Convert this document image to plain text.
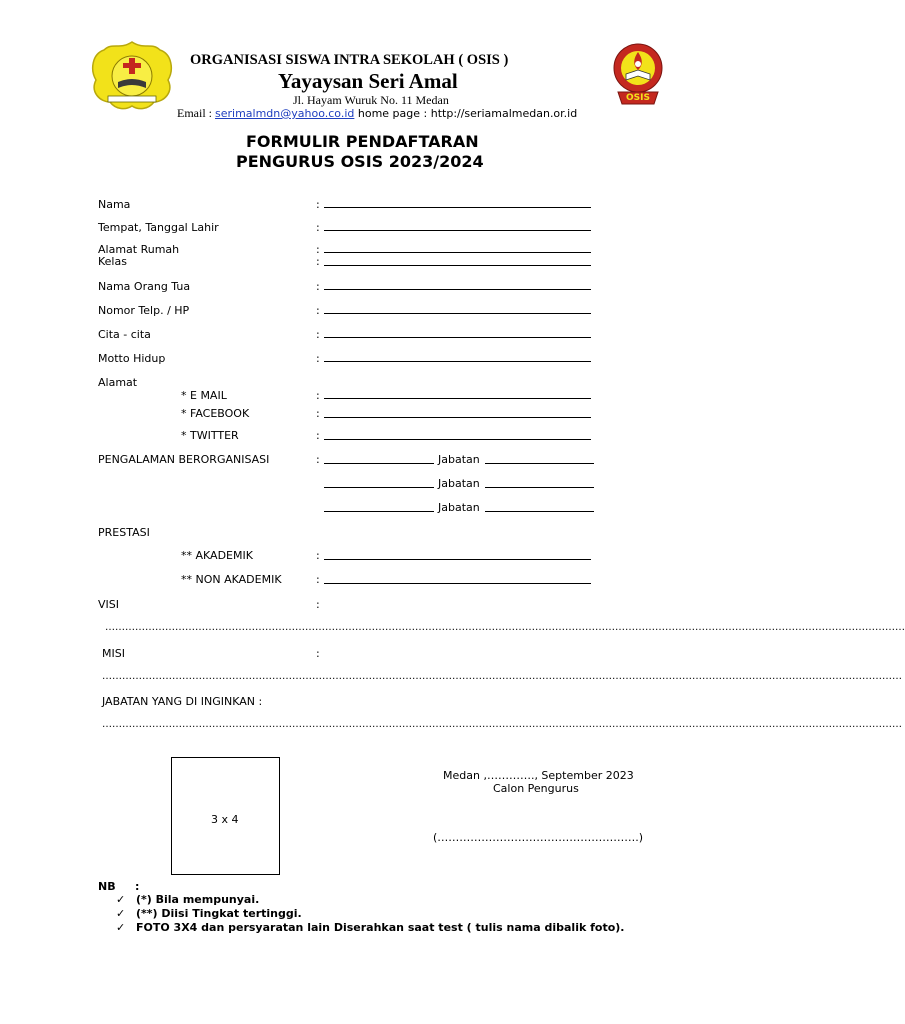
OSIS
ORGANISASI SISWA INTRA SEKOLAH ( OSIS )
Yayaysan Seri Amal
Jl. Hayam Wuruk No. 11 Medan
Email : serimalmdn@yahoo.co.id home page : http://seriamalmedan.or.id
FORMULIR PENDAFTARAN
PENGURUS OSIS 2023/2024
Nama	:
Tempat, Tanggal Lahir	:
Alamat Rumah	:
Kelas	:
Nama Orang Tua	:
Nomor Telp. / HP	:
Cita - cita	:
Motto Hidup	:
Alamat
* E MAIL	:
* FACEBOOK	:
* TWITTER	:
PENGALAMAN BERORGANISASI	:	Jabatan
Jabatan
Jabatan
PRESTASI
** AKADEMIK	:
** NON AKADEMIK	:
VISI	:
……………………………………………………………………………………………………………………………………………………………………………………………………………………
MISI	:
……………………………………………………………………………………………………………………………………………………………………………………………………………………
JABATAN YANG DI INGINKAN :
……………………………………………………………………………………………………………………………………………………………………………………………………………………
3 x 4
Medan ,…………., September 2023
Calon Pengurus
(……………………………………………….)
NB :
✓ (*) Bila mempunyai.
✓ (**) Diisi Tingkat tertinggi.
✓ FOTO 3X4 dan persyaratan lain Diserahkan saat test ( tulis nama dibalik foto).
